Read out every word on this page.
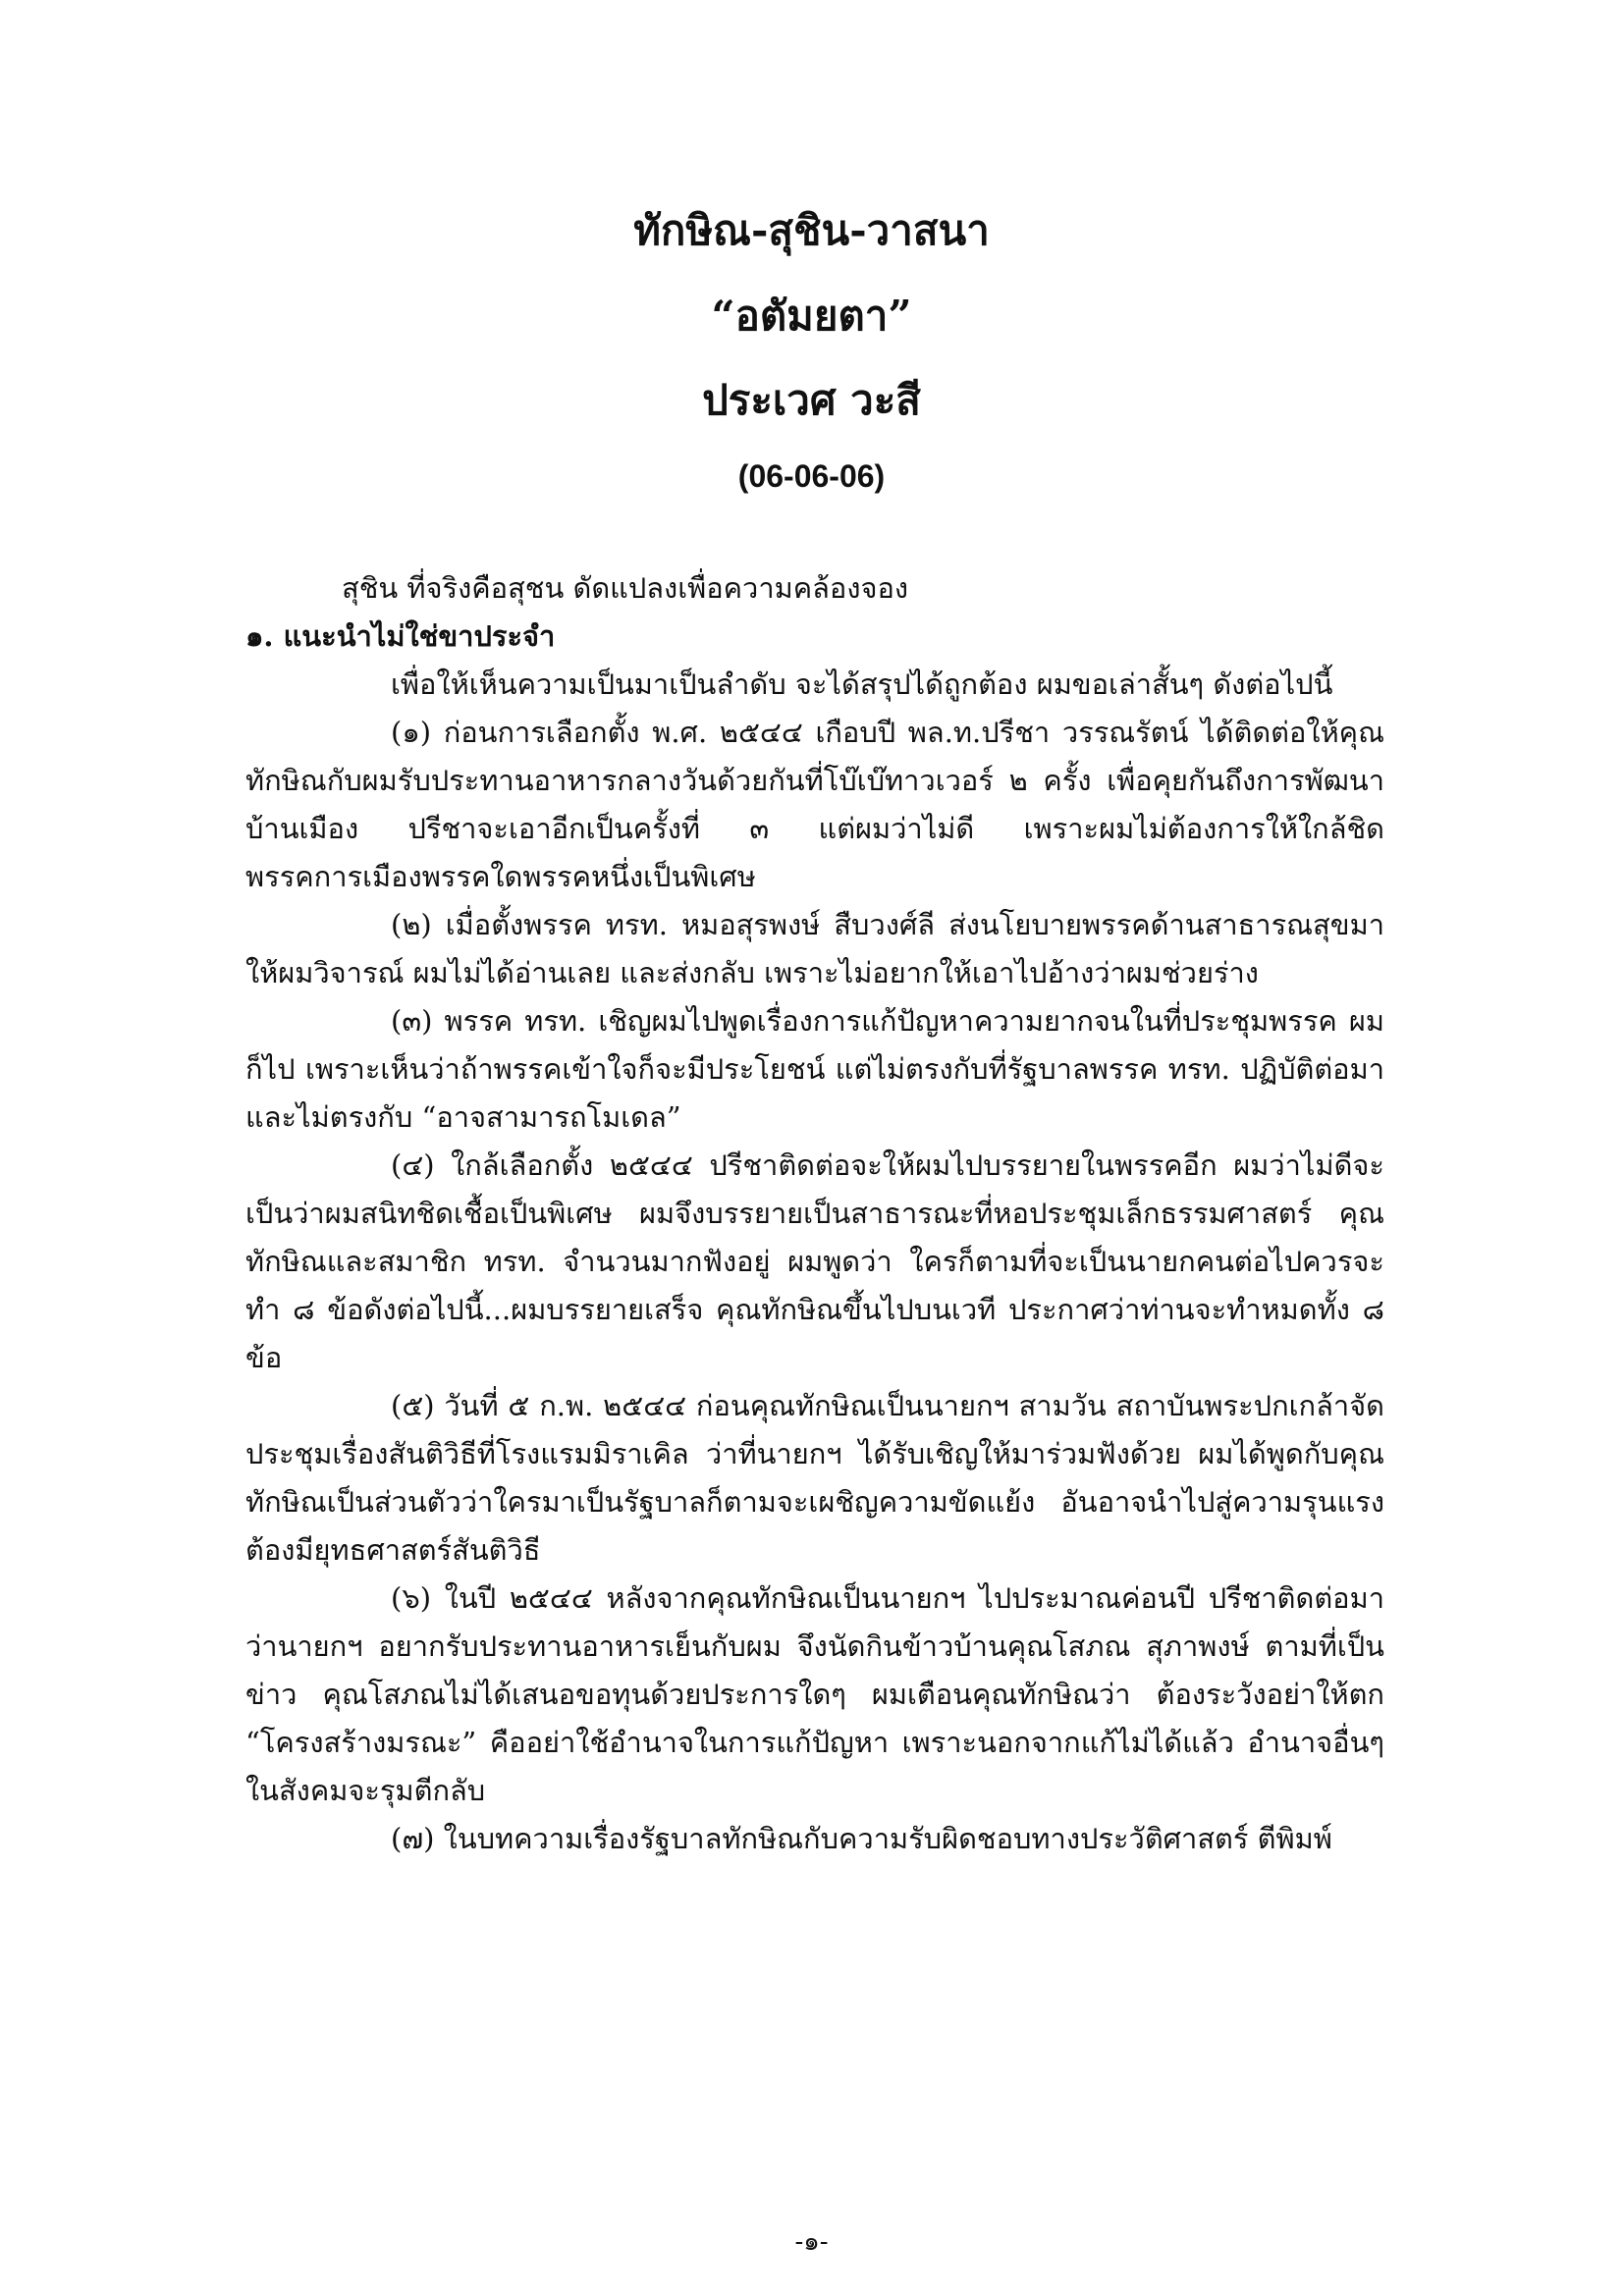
ทักษิณ-สุชิน-วาสนา
“อตัมยตา”
ประเวศ วะสี
(06-06-06)

สุชิน ที่จริงคือสุชน ดัดแปลงเพื่อความคล้องจอง

๑. แนะนำไม่ใช่ขาประจำ

เพื่อให้เห็นความเป็นมาเป็นลำดับ จะได้สรุปได้ถูกต้อง ผมขอเล่าสั้นๆ ดังต่อไปนี้

(๑) ก่อนการเลือกตั้ง พ.ศ. ๒๕๔๔ เกือบปี พล.ท.ปรีชา วรรณรัตน์ ได้ติดต่อให้คุณทักษิณกับผมรับประทานอาหารกลางวันด้วยกันที่โบ๊เบ๊ทาวเวอร์ ๒ ครั้ง เพื่อคุยกันถึงการพัฒนาบ้านเมือง ปรีชาจะเอาอีกเป็นครั้งที่ ๓ แต่ผมว่าไม่ดี เพราะผมไม่ต้องการให้ใกล้ชิดพรรคการเมืองพรรคใดพรรคหนึ่งเป็นพิเศษ

(๒) เมื่อตั้งพรรค ทรท. หมอสุรพงษ์ สืบวงศ์ลี ส่งนโยบายพรรคด้านสาธารณสุขมาให้ผมวิจารณ์ ผมไม่ได้อ่านเลย และส่งกลับ เพราะไม่อยากให้เอาไปอ้างว่าผมช่วยร่าง

(๓) พรรค ทรท. เชิญผมไปพูดเรื่องการแก้ปัญหาความยากจนในที่ประชุมพรรค ผมก็ไป เพราะเห็นว่าถ้าพรรคเข้าใจก็จะมีประโยชน์ แต่ไม่ตรงกับที่รัฐบาลพรรค ทรท. ปฏิบัติต่อมา และไม่ตรงกับ “อาจสามารถโมเดล”

(๔) ใกล้เลือกตั้ง ๒๕๔๔ ปรีชาติดต่อจะให้ผมไปบรรยายในพรรคอีก ผมว่าไม่ดีจะเป็นว่าผมสนิทชิดเชื้อเป็นพิเศษ ผมจึงบรรยายเป็นสาธารณะที่หอประชุมเล็กธรรมศาสตร์ คุณทักษิณและสมาชิก ทรท. จำนวนมากฟังอยู่ ผมพูดว่า ใครก็ตามที่จะเป็นนายกคนต่อไปควรจะทำ ๘ ข้อดังต่อไปนี้...ผมบรรยายเสร็จ คุณทักษิณขึ้นไปบนเวที ประกาศว่าท่านจะทำหมดทั้ง ๘ ข้อ

(๕) วันที่ ๕ ก.พ. ๒๕๔๔ ก่อนคุณทักษิณเป็นนายกฯ สามวัน สถาบันพระปกเกล้าจัดประชุมเรื่องสันติวิธีที่โรงแรมมิราเคิล ว่าที่นายกฯ ได้รับเชิญให้มาร่วมฟังด้วย ผมได้พูดกับคุณทักษิณเป็นส่วนตัวว่าใครมาเป็นรัฐบาลก็ตามจะเผชิญความขัดแย้ง อันอาจนำไปสู่ความรุนแรง ต้องมียุทธศาสตร์สันติวิธี

(๖) ในปี ๒๕๔๔ หลังจากคุณทักษิณเป็นนายกฯ ไปประมาณค่อนปี ปรีชาติดต่อมาว่านายกฯ อยากรับประทานอาหารเย็นกับผม จึงนัดกินข้าวบ้านคุณโสภณ สุภาพงษ์ ตามที่เป็นข่าว คุณโสภณไม่ได้เสนอขอทุนด้วยประการใดๆ ผมเตือนคุณทักษิณว่า ต้องระวังอย่าให้ตก “โครงสร้างมรณะ” คืออย่าใช้อำนาจในการแก้ปัญหา เพราะนอกจากแก้ไม่ได้แล้ว อำนาจอื่นๆ ในสังคมจะรุมตีกลับ

(๗) ในบทความเรื่องรัฐบาลทักษิณกับความรับผิดชอบทางประวัติศาสตร์ ตีพิมพ์

-๑-
